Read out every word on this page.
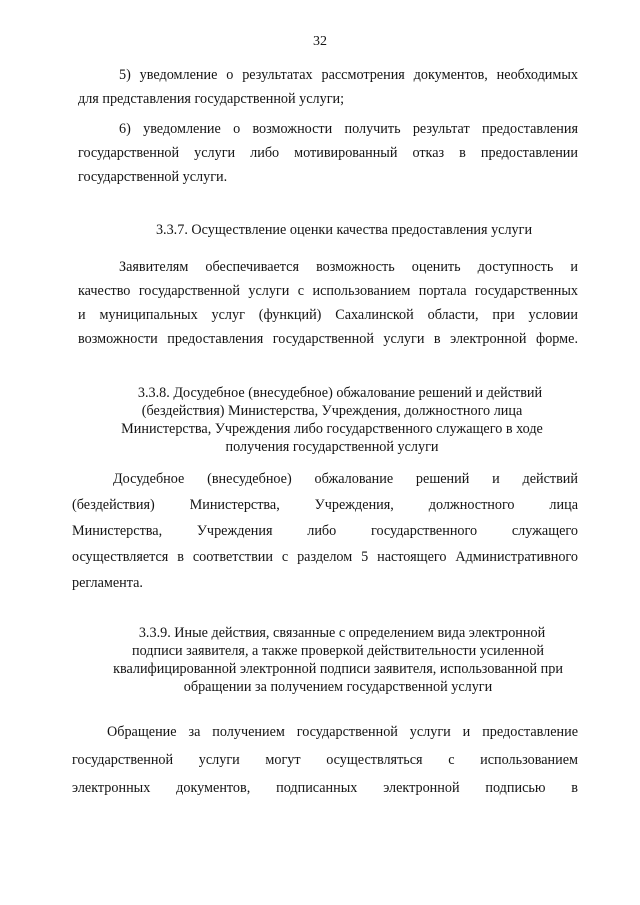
32
5) уведомление о результатах рассмотрения документов, необходимых
для представления государственной услуги;
6) уведомление о возможности получить результат предоставления
государственной услуги либо мотивированный отказ в предоставлении
государственной услуги.
3.3.7. Осуществление оценки качества предоставления услуги
Заявителям обеспечивается возможность оценить доступность и
качество государственной услуги с использованием портала государственных
и муниципальных услуг (функций) Сахалинской области, при условии
возможности предоставления государственной услуги в электронной форме.
3.3.8. Досудебное (внесудебное) обжалование решений и действий
(бездействия) Министерства, Учреждения, должностного лица
Министерства, Учреждения либо государственного служащего в ходе
получения государственной услуги
Досудебное (внесудебное) обжалование решений и действий
(бездействия) Министерства, Учреждения, должностного лица
Министерства, Учреждения либо государственного служащего
осуществляется в соответствии с разделом 5 настоящего Административного
регламента.
3.3.9. Иные действия, связанные с определением вида электронной
подписи заявителя, а также проверкой действительности усиленной
квалифицированной электронной подписи заявителя, использованной при
обращении за получением государственной услуги
Обращение за получением государственной услуги и предоставление
государственной услуги могут осуществляться с использованием
электронных документов, подписанных электронной подписью в
